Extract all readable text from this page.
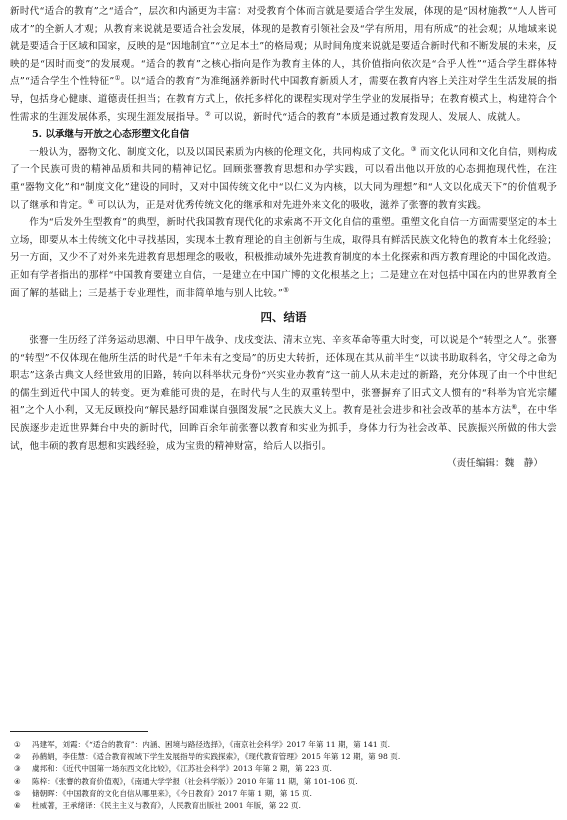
新时代“适合的教育”之“适合”，层次和内涵更为丰富：对受教育个体而言就是要适合学生发展，体现的是“因材施教”“人人皆可成才”的全新人才观；从教育来说就是要适合社会发展，体现的是教育引领社会及“学有所用，用有所成”的社会观；从地域来说就是要适合于区域和国家，反映的是“因地制宜”“立足本土”的格局观；从时间角度来说就是要适合新时代和不断发展的未来，反映的是“因时而变”的发展观。“适合的教育”之核心指向是作为教育主体的人，其价值指向依次是“合乎人性”“适合学生群体特点”“适合学生个性特征”①。以“适合的教育”为准绳涵养新时代中国教育新质人才，需要在教育内容上关注对学生生活发展的指导，包括身心健康、道德责任担当；在教育方式上，依托多样化的课程实现对学生学业的发展指导；在教育模式上，构建符合个性需求的生涯发展体系，实现生涯发展指导。② 可以说，新时代“适合的教育”本质是通过教育发现人、发展人、成就人。

5. 以承继与开放之心态形塑文化自信

一般认为，器物文化、制度文化，以及以国民素质为内核的伦理文化，共同构成了文化。③ 而文化认同和文化自信，则构成了一个民族可贵的精神品质和共同的精神记忆。回顾张謇教育思想和办学实践，可以看出他以开放的心态拥抱现代性，在注重“器物文化”和“制度文化”建设的同时，又对中国传统文化中“以仁义为内核，以大同为理想”和“人文以化成天下”的价值观予以了继承和肯定。④ 可以认为，正是对优秀传统文化的继承和对先进外来文化的吸收，滋养了张謇的教育实践。

作为“后发外生型教育”的典型，新时代我国教育现代化的求索离不开文化自信的重塑。重塑文化自信一方面需要坚定的本土立场，即要从本土传统文化中寻找基因，实现本土教育理论的自主创新与生成，取得具有鲜活民族文化特色的教育本土化经验；另一方面，又少不了对外来先进教育思想理念的吸收，积极推动域外先进教育制度的本土化探索和西方教育理论的中国化改造。正如有学者指出的那样“中国教育要建立自信，一是建立在中国广博的文化根基之上；二是建立在对包括中国在内的世界教育全面了解的基础上；三是基于专业理性，而非简单地与别人比较。”⑤

四、结语

张謇一生历经了洋务运动思潮、中日甲午战争、戊戌变法、清末立宪、辛亥革命等重大时变，可以说是个“转型之人”。张謇的“转型”不仅体现在他所生活的时代是“千年未有之变局”的历史大转折，还体现在其从前半生“以读书助取科名，守父母之命为职志”这条古典文人经世致用的旧路，转向以科举状元身份“兴实业办教育”这一前人从未走过的新路，充分体现了由一个中世纪的儒生到近代中国人的转变。更为难能可贵的是，在时代与人生的双重转型中，张謇摒弃了旧式文人惯有的“科举为官光宗耀祖”之个人小利，又无反顾投向“解民悬纾国难谋自强图发展”之民族大义上。教育是社会进步和社会改革的基本方法⑥，在中华民族逐步走近世界舞台中央的新时代，回眸百余年前张謇以教育和实业为抓手，身体力行为社会改革、民族振兴所做的伟大尝试，他丰硕的教育思想和实践经验，成为宝贵的精神财富，给后人以指引。

（责任编辑：魏　静）

①	冯建军，刘霞：《“适合的教育”：内涵、困境与路径选择》，《南京社会科学》2017 年第 11 期，第 141 页.
②	孙鹤娟，李佳慧：《适合教育视域下学生发展指导的实践探索》，《现代教育管理》2015 年第 12 期，第 98 页.
③	虞邦和：《近代中国第一场东西文化比较》，《江苏社会科学》2013 年第 2 期，第 223 页.
④	陈梓：《张謇的教育价值观》，《南通大学学报（社会科学版）》2010 年第 11 期，第 101-106 页.
⑤	储朝晖：《中国教育的文化自信从哪里来》，《今日教育》2017 年第 1 期，第 15 页.
⑥	杜威著，王承绪译：《民主主义与教育》，人民教育出版社 2001 年版，第 22 页.
